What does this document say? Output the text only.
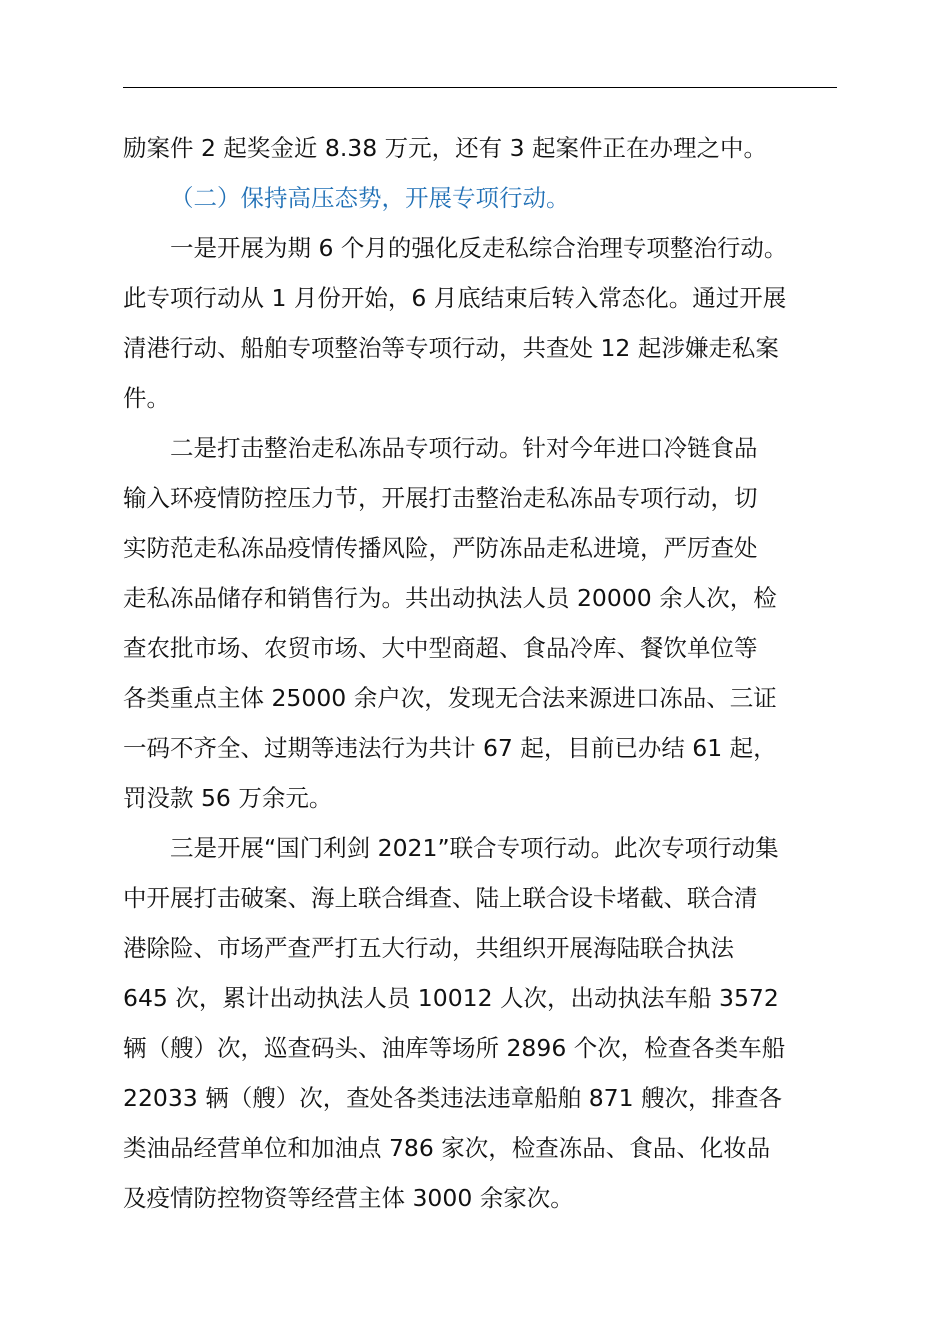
励案件 2 起奖金近 8.38 万元，还有 3 起案件正在办理之中。
（二）保持高压态势，开展专项行动。
一是开展为期 6 个月的强化反走私综合治理专项整治行动。
此专项行动从 1 月份开始，6 月底结束后转入常态化。通过开展
清港行动、船舶专项整治等专项行动，共查处 12 起涉嫌走私案
件。
二是打击整治走私冻品专项行动。针对今年进口冷链食品
输入环疫情防控压力节，开展打击整治走私冻品专项行动，切
实防范走私冻品疫情传播风险，严防冻品走私进境，严厉查处
走私冻品储存和销售行为。共出动执法人员 20000 余人次，检
查农批市场、农贸市场、大中型商超、食品冷库、餐饮单位等
各类重点主体 25000 余户次，发现无合法来源进口冻品、三证
一码不齐全、过期等违法行为共计 67 起，目前已办结 61 起，
罚没款 56 万余元。
三是开展“国门利剑 2021”联合专项行动。此次专项行动集
中开展打击破案、海上联合缉查、陆上联合设卡堵截、联合清
港除险、市场严查严打五大行动，共组织开展海陆联合执法
645 次，累计出动执法人员 10012 人次，出动执法车船 3572
辆（艘）次，巡查码头、油库等场所 2896 个次，检查各类车船
22033 辆（艘）次，查处各类违法违章船舶 871 艘次，排查各
类油品经营单位和加油点 786 家次，检查冻品、食品、化妆品
及疫情防控物资等经营主体 3000 余家次。
